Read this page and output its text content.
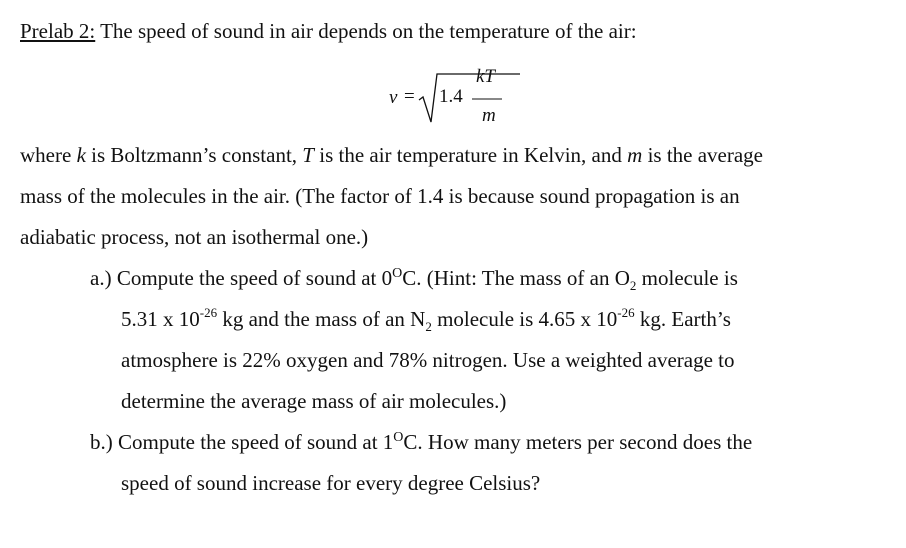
Prelab 2: The speed of sound in air depends on the temperature of the air:
v = 1.4
kT
m
where k is Boltzmann’s constant, T is the air temperature in Kelvin, and m is the average
mass of the molecules in the air. (The factor of 1.4 is because sound propagation is an
adiabatic process, not an isothermal one.)
a.) Compute the speed of sound at $0^OC$. (Hint: The mass of an $O_2$ molecule is
5.31 x $10^{-26}$ kg and the mass of an $N_2$ molecule is 4.65 x $10^{-26}$ kg. Earth’s
atmosphere is 22% oxygen and 78% nitrogen. Use a weighted average to
determine the average mass of air molecules.)
b.) Compute the speed of sound at $1^OC$. How many meters per second does the
speed of sound increase for every degree Celsius?
